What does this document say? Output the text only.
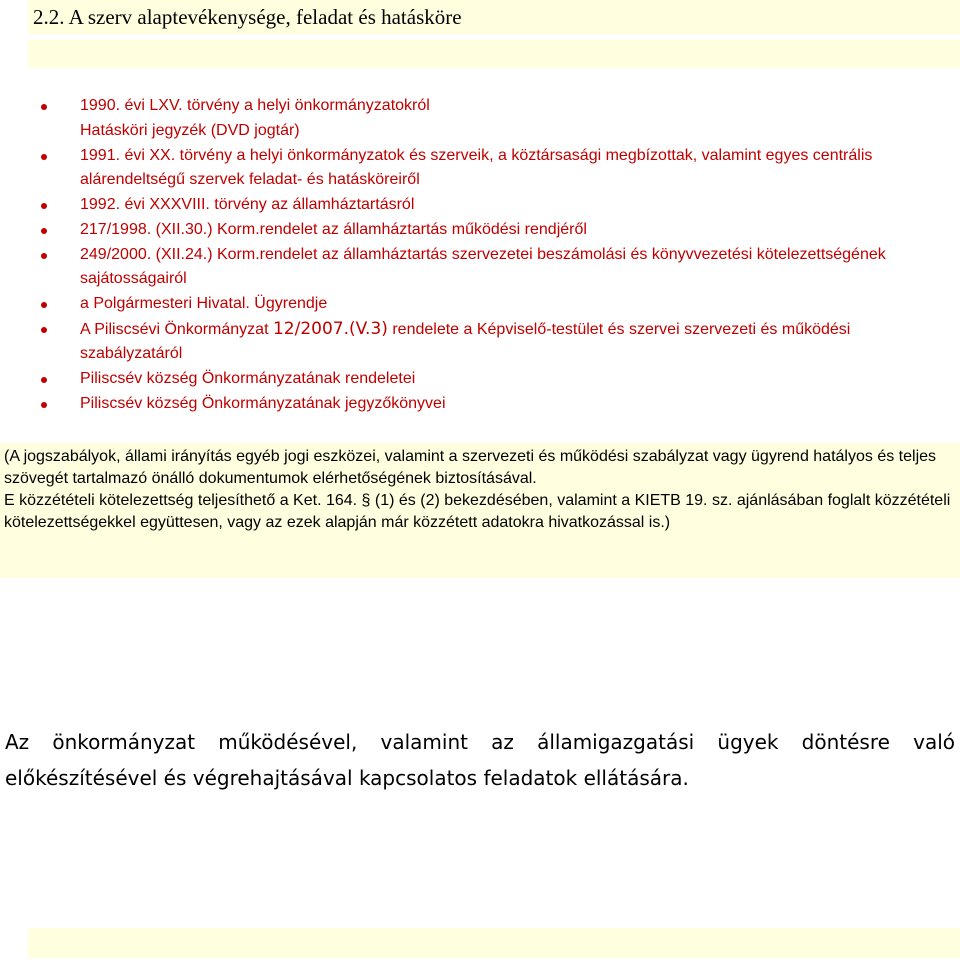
2.2. A szerv alaptevékenysége, feladat és hatásköre
1990. évi LXV. törvény a helyi önkormányzatokról
Hatásköri jegyzék (DVD jogtár)
1991. évi XX. törvény a helyi önkormányzatok és szerveik, a köztársasági megbízottak, valamint egyes centrális alárendeltségű szervek feladat- és hatásköreiről
1992. évi XXXVIII. törvény az államháztartásról
217/1998. (XII.30.) Korm.rendelet az államháztartás működési rendjéről
249/2000. (XII.24.) Korm.rendelet az államháztartás szervezetei beszámolási és könyvvezetési kötelezettségének sajátosságairól
a Polgármesteri Hivatal. Ügyrendje
A Piliscsévi Önkormányzat 12/2007.(V.3) rendelete a Képviselő-testület és szervei szervezeti és működési szabályzatáról
Piliscsév község Önkormányzatának rendeletei
Piliscsév község Önkormányzatának jegyzőkönyvei
(A jogszabályok, állami irányítás egyéb jogi eszközei, valamint a szervezeti és működési szabályzat vagy ügyrend hatályos és teljes szövegét tartalmazó önálló dokumentumok elérhetőségének biztosításával.
E közzétételi kötelezettség teljesíthető a Ket. 164. § (1) és (2) bekezdésében, valamint a KIETB 19. sz. ajánlásában foglalt közzétételi kötelezettségekkel együttesen, vagy az ezek alapján már közzétett adatokra hivatkozással is.)
Az önkormányzat működésével, valamint az államigazgatási ügyek döntésre való
előkészítésével és végrehajtásával kapcsolatos feladatok ellátására.
